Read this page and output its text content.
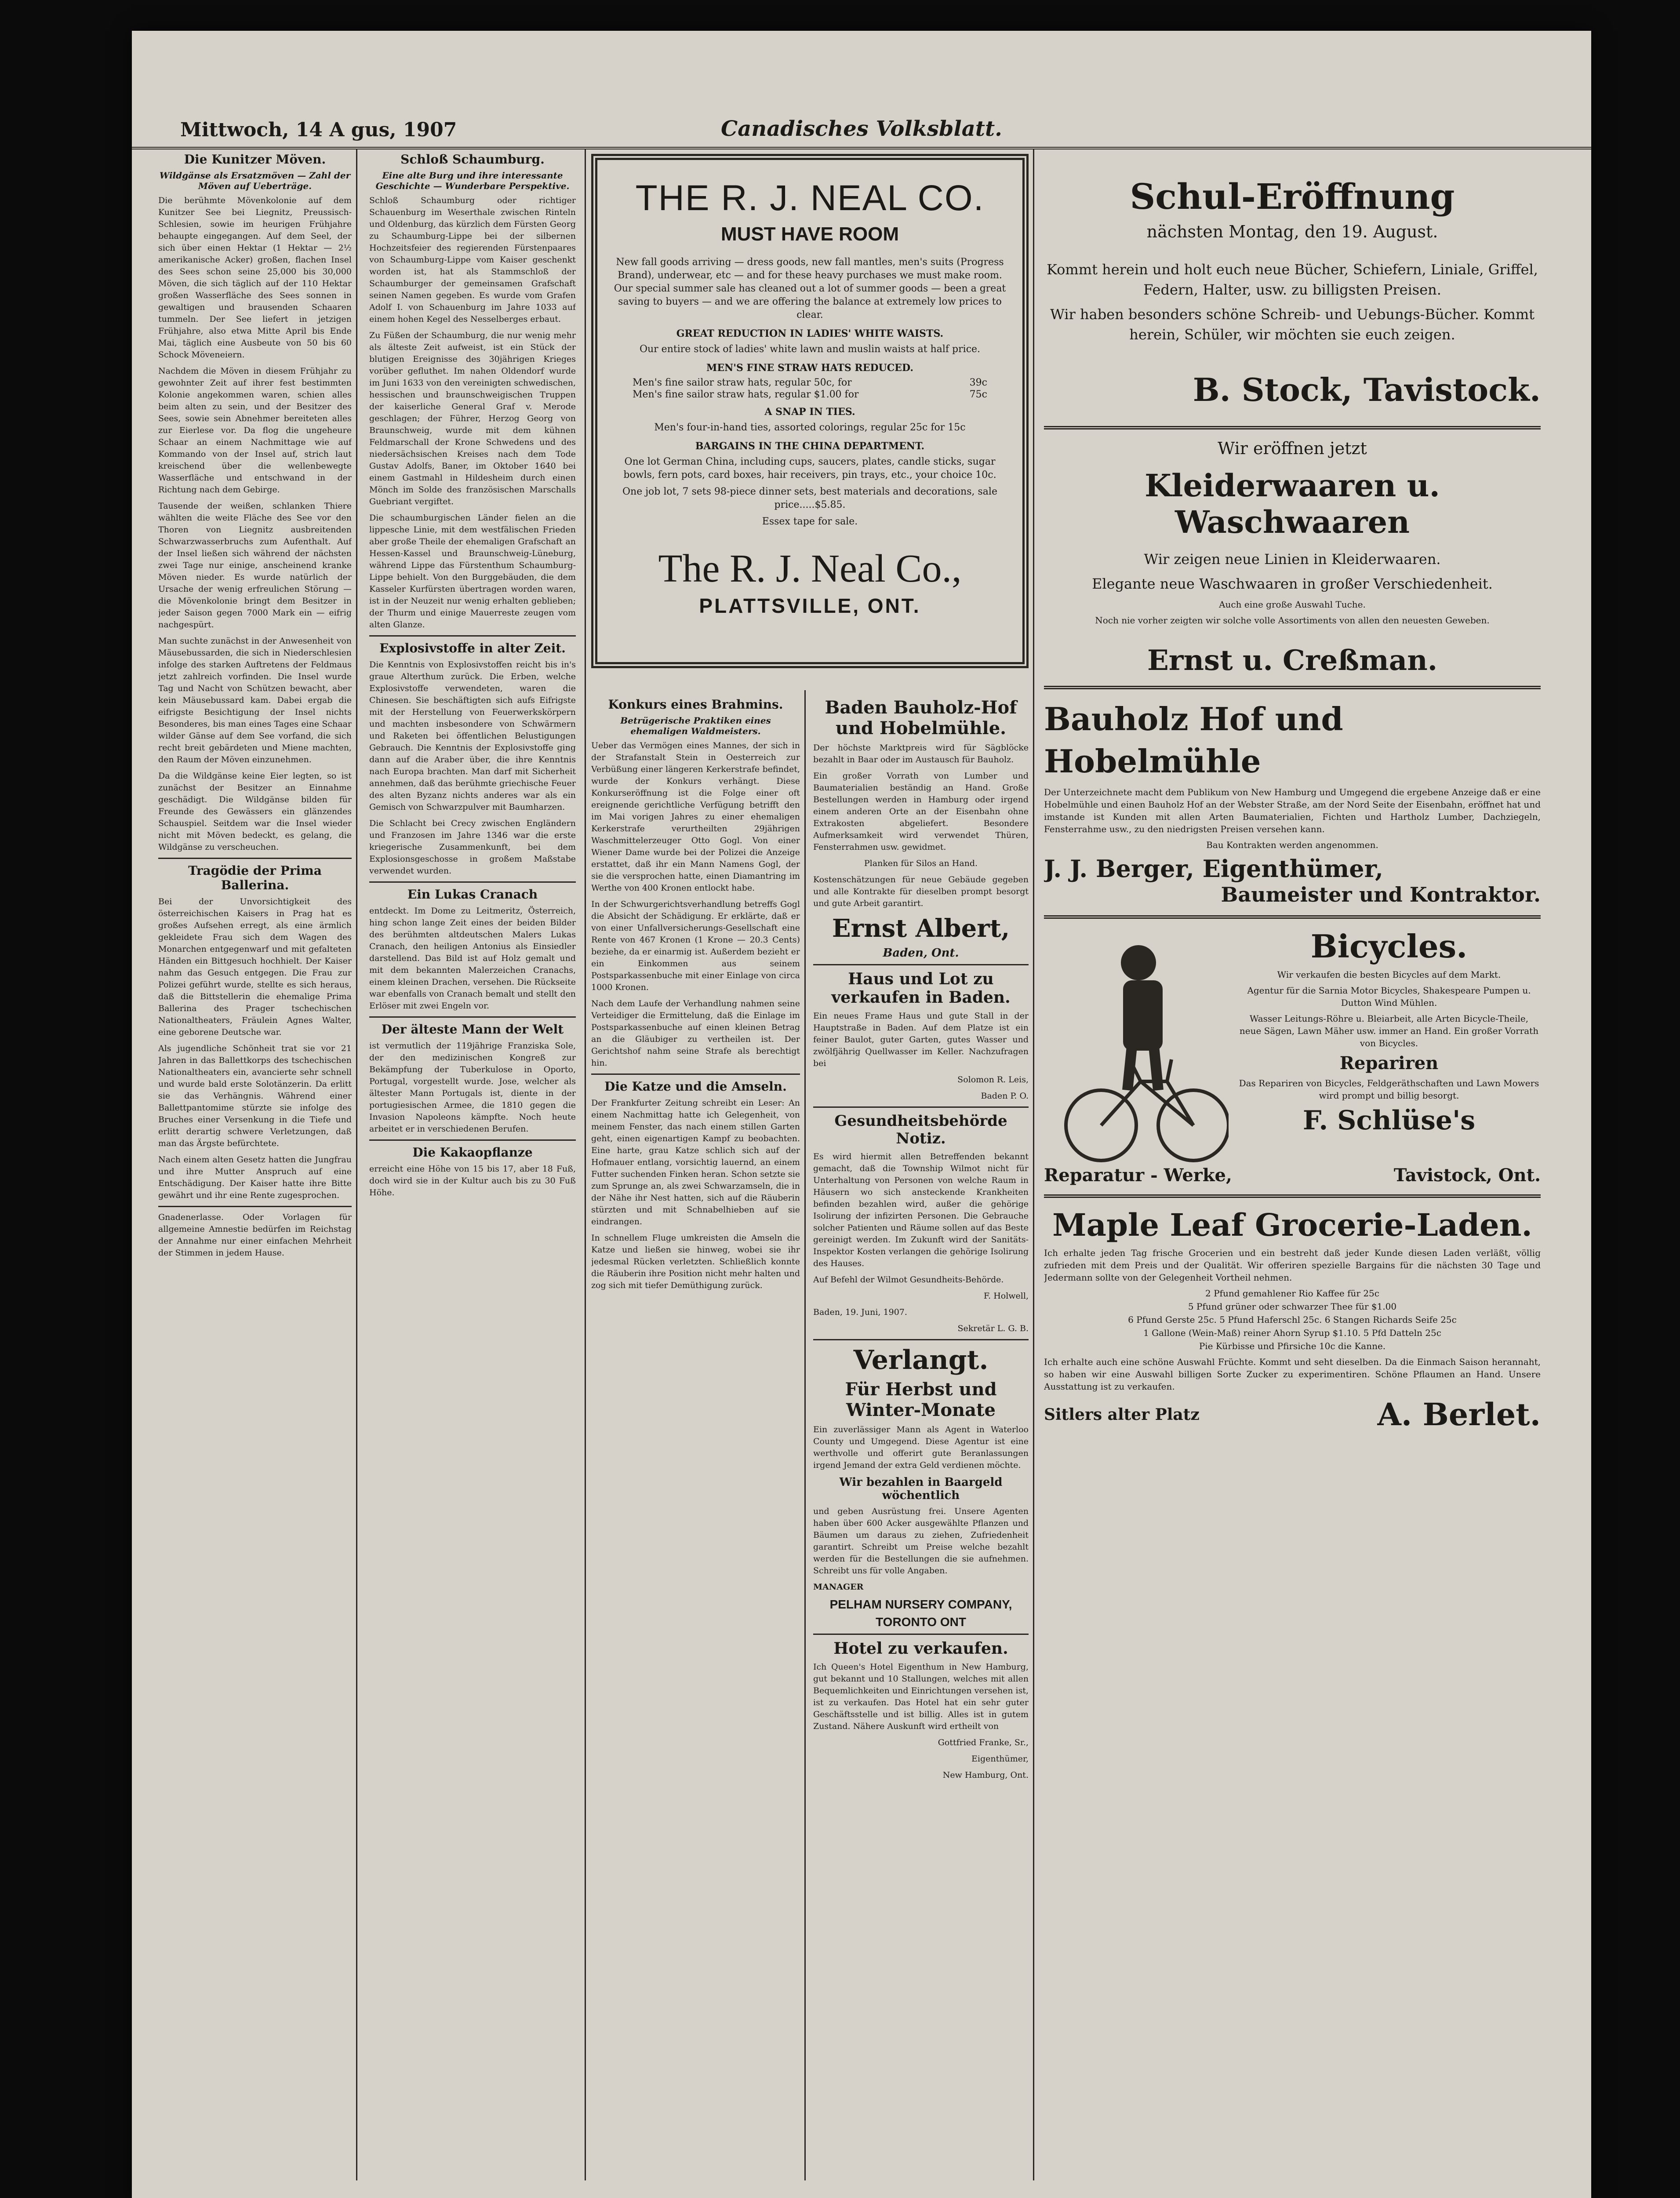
Mittwoch, 14 A gus, 1907	Canadisches Volksblatt.
Die Kunitzer Möven.
Wildgänse als Ersatzmöven — Zahl der Möven auf Ueberträge.

Die berühmte Mövenkolonie auf dem Kunitzer See bei Liegnitz, Preussisch-Schlesien, sowie im heurigen Frühjahre behaupte eingegangen. Auf dem Seel, der sich über einen Hektar (1 Hektar — 2½ amerikanische Acker) großen, flachen Insel des Sees schon seine 25,000 bis 30,000 Möven, die sich täglich auf der 110 Hektar großen Wasserfläche des Sees sonnen in gewaltigen und brausenden Schaaren tummeln. Der See liefert in jetzigen Frühjahre, also etwa Mitte April bis Ende Mai, täglich eine Ausbeute von 50 bis 60 Schock Möveneiern.

Nachdem die Möven in diesem Frühjahr zu gewohnter Zeit auf ihrer fest bestimmten Kolonie angekommen waren, schien alles beim alten zu sein, und der Besitzer des Sees, sowie sein Abnehmer bereiteten alles zur Eierlese vor. Da flog die ungeheure Schaar an einem Nachmittage wie auf Kommando von der Insel auf, strich laut kreischend über die wellenbewegte Wasserfläche und entschwand in der Richtung nach dem Gebirge.

Tausende der weißen, schlanken Thiere wählten die weite Fläche des See vor den Thoren von Liegnitz ausbreitenden Schwarzwasserbruchs zum Aufenthalt. Auf der Insel ließen sich während der nächsten zwei Tage nur einige, anscheinend kranke Möven nieder. Es wurde natürlich der Ursache der wenig erfreulichen Störung — die Mövenkolonie bringt dem Besitzer in jeder Saison gegen 7000 Mark ein — eifrig nachgespürt.

Man suchte zunächst in der Anwesenheit von Mäusebussarden, die sich in Niederschlesien infolge des starken Auftretens der Feldmaus jetzt zahlreich vorfinden. Die Insel wurde Tag und Nacht von Schützen bewacht, aber kein Mäusebussard kam. Dabei ergab die eifrigste Besichtigung der Insel nichts Besonderes, bis man eines Tages eine Schaar wilder Gänse auf dem See vorfand, die sich recht breit gebärdeten und Miene machten, den Raum der Möven einzunehmen.

Da die Wildgänse keine Eier legten, so ist zunächst der Besitzer an Einnahme geschädigt. Die Wildgänse bilden für Freunde des Gewässers ein glänzendes Schauspiel. Seitdem war die Insel wieder nicht mit Möven bedeckt, es gelang, die Wildgänse zu verscheuchen.

Tragödie der Prima Ballerina.

Bei der Unvorsichtigkeit des österreichischen Kaisers in Prag hat es großes Aufsehen erregt, als eine ärmlich gekleidete Frau sich dem Wagen des Monarchen entgegenwarf und mit gefalteten Händen ein Bittgesuch hochhielt. Der Kaiser nahm das Gesuch entgegen. Die Frau zur Polizei geführt wurde, stellte es sich heraus, daß die Bittstellerin die ehemalige Prima Ballerina des Prager tschechischen Nationaltheaters, Fräulein Agnes Walter, eine geborene Deutsche war.

Als jugendliche Schönheit trat sie vor 21 Jahren in das Ballettkorps des tschechischen Nationaltheaters ein, avancierte sehr schnell und wurde bald erste Solotänzerin. Da erlitt sie das Verhängnis. Während einer Ballettpantomime stürzte sie infolge des Bruches einer Versenkung in die Tiefe und erlitt derartig schwere Verletzungen, daß man das Ärgste befürchtete.

Nach einem alten Gesetz hatten die Jungfrau und ihre Mutter Anspruch auf eine Entschädigung. Der Kaiser hatte ihre Bitte gewährt und ihr eine Rente zugesprochen.

Gnadenerlasse. Oder Vorlagen für allgemeine Amnestie bedürfen im Reichstag der Annahme nur einer einfachen Mehrheit der Stimmen in jedem Hause.

Schloß Schaumburg.
Eine alte Burg und ihre interessante Geschichte — Wunderbare Perspektive.

Schloß Schaumburg oder richtiger Schauenburg im Weserthale zwischen Rinteln und Oldenburg, das kürzlich dem Fürsten Georg zu Schaumburg-Lippe bei der silbernen Hochzeitsfeier des regierenden Fürstenpaares von Schaumburg-Lippe vom Kaiser geschenkt worden ist, hat als Stammschloß der Schaumburger der gemeinsamen Grafschaft seinen Namen gegeben. Es wurde vom Grafen Adolf I. von Schauenburg im Jahre 1033 auf einem hohen Kegel des Nesselberges erbaut.

Zu Füßen der Schaumburg, die nur wenig mehr als älteste Zeit aufweist, ist ein Stück der blutigen Ereignisse des 30jährigen Krieges vorüber gefluthet. Im nahen Oldendorf wurde im Juni 1633 von den vereinigten schwedischen, hessischen und braunschweigischen Truppen der kaiserliche General Graf v. Merode geschlagen; der Führer, Herzog Georg von Braunschweig, wurde mit dem kühnen Feldmarschall der Krone Schwedens und des niedersächsischen Kreises nach dem Tode Gustav Adolfs, Baner, im Oktober 1640 bei einem Gastmahl in Hildesheim durch einen Mönch im Solde des französischen Marschalls Guebriant vergiftet.

Die schaumburgischen Länder fielen an die lippesche Linie, mit dem westfälischen Frieden aber große Theile der ehemaligen Grafschaft an Hessen-Kassel und Braunschweig-Lüneburg, während Lippe das Fürstenthum Schaumburg-Lippe behielt. Von den Burggebäuden, die dem Kasseler Kurfürsten übertragen worden waren, ist in der Neuzeit nur wenig erhalten geblieben; der Thurm und einige Mauerreste zeugen vom alten Glanze.

Explosivstoffe in alter Zeit.

Die Kenntnis von Explosivstoffen reicht bis in's graue Alterthum zurück. Die Erben, welche Explosivstoffe verwendeten, waren die Chinesen. Sie beschäftigten sich aufs Eifrigste mit der Herstellung von Feuerwerkskörpern und machten insbesondere von Schwärmern und Raketen bei öffentlichen Belustigungen Gebrauch. Die Kenntnis der Explosivstoffe ging dann auf die Araber über, die ihre Kenntnis nach Europa brachten. Man darf mit Sicherheit annehmen, daß das berühmte griechische Feuer des alten Byzanz nichts anderes war als ein Gemisch von Schwarzpulver mit Baumharzen.

Die Schlacht bei Crecy zwischen Engländern und Franzosen im Jahre 1346 war die erste kriegerische Zusammenkunft, bei dem Explosionsgeschosse in großem Maßstabe verwendet wurden.

Ein Lukas Cranach

entdeckt. Im Dome zu Leitmeritz, Österreich, hing schon lange Zeit eines der beiden Bilder des berühmten altdeutschen Malers Lukas Cranach, den heiligen Antonius als Einsiedler darstellend. Das Bild ist auf Holz gemalt und mit dem bekannten Malerzeichen Cranachs, einem kleinen Drachen, versehen. Die Rückseite war ebenfalls von Cranach bemalt und stellt den Erlöser mit zwei Engeln vor.

Der älteste Mann der Welt

ist vermutlich der 119jährige Franziska Sole, der den medizinischen Kongreß zur Bekämpfung der Tuberkulose in Oporto, Portugal, vorgestellt wurde. Jose, welcher als ältester Mann Portugals ist, diente in der portugiesischen Armee, die 1810 gegen die Invasion Napoleons kämpfte. Noch heute arbeitet er in verschiedenen Berufen.

Die Kakaopflanze

erreicht eine Höhe von 15 bis 17, aber 18 Fuß, doch wird sie in der Kultur auch bis zu 30 Fuß Höhe.

THE R. J. NEAL CO.
MUST HAVE ROOM

New fall goods arriving — dress goods, new fall mantles, men's suits (Progress Brand), underwear, etc — and for these heavy purchases we must make room. Our special summer sale has cleaned out a lot of summer goods — been a great saving to buyers — and we are offering the balance at extremely low prices to clear.

GREAT REDUCTION IN LADIES' WHITE WAISTS.

Our entire stock of ladies' white lawn and muslin waists at half price.

MEN'S FINE STRAW HATS REDUCED.
Men's fine sailor straw hats, regular 50c, for	39c
Men's fine sailor straw hats, regular $1.00 for	75c
A SNAP IN TIES.

Men's four-in-hand ties, assorted colorings, regular 25c for 15c

BARGAINS IN THE CHINA DEPARTMENT.

One lot German China, including cups, saucers, plates, candle sticks, sugar bowls, fern pots, card boxes, hair receivers, pin trays, etc., your choice 10c.

One job lot, 7 sets 98-piece dinner sets, best materials and decorations, sale price.....$5.85.

Essex tape for sale.

The R. J. Neal Co.,
PLATTSVILLE, ONT.
Konkurs eines Brahmins.
Betrügerische Praktiken eines ehemaligen Waldmeisters.

Ueber das Vermögen eines Mannes, der sich in der Strafanstalt Stein in Oesterreich zur Verbüßung einer längeren Kerkerstrafe befindet, wurde der Konkurs verhängt. Diese Konkurseröffnung ist die Folge einer oft ereignende gerichtliche Verfügung betrifft den im Mai vorigen Jahres zu einer ehemaligen Kerkerstrafe verurtheilten 29jährigen Waschmittelerzeuger Otto Gogl. Von einer Wiener Dame wurde bei der Polizei die Anzeige erstattet, daß ihr ein Mann Namens Gogl, der sie die versprochen hatte, einen Diamantring im Werthe von 400 Kronen entlockt habe.

In der Schwurgerichtsverhandlung betreffs Gogl die Absicht der Schädigung. Er erklärte, daß er von einer Unfallversicherungs-Gesellschaft eine Rente von 467 Kronen (1 Krone — 20.3 Cents) beziehe, da er einarmig ist. Außerdem bezieht er ein Einkommen aus seinem Postsparkassenbuche mit einer Einlage von circa 1000 Kronen.

Nach dem Laufe der Verhandlung nahmen seine Verteidiger die Ermittelung, daß die Einlage im Postsparkassenbuche auf einen kleinen Betrag an die Gläubiger zu vertheilen ist. Der Gerichtshof nahm seine Strafe als berechtigt hin.

Die Katze und die Amseln.

Der Frankfurter Zeitung schreibt ein Leser: An einem Nachmittag hatte ich Gelegenheit, von meinem Fenster, das nach einem stillen Garten geht, einen eigenartigen Kampf zu beobachten. Eine harte, grau Katze schlich sich auf der Hofmauer entlang, vorsichtig lauernd, an einem Futter suchenden Finken heran. Schon setzte sie zum Sprunge an, als zwei Schwarzamseln, die in der Nähe ihr Nest hatten, sich auf die Räuberin stürzten und mit Schnabelhieben auf sie eindrangen.

In schnellem Fluge umkreisten die Amseln die Katze und ließen sie hinweg, wobei sie ihr jedesmal Rücken verletzten. Schließlich konnte die Räuberin ihre Position nicht mehr halten und zog sich mit tiefer Demüthigung zurück.

Baden Bauholz-Hof und Hobelmühle.

Der höchste Marktpreis wird für Sägblöcke bezahlt in Baar oder im Austausch für Bauholz.

Ein großer Vorrath von Lumber und Baumaterialien beständig an Hand. Große Bestellungen werden in Hamburg oder irgend einem anderen Orte an der Eisenbahn ohne Extrakosten abgeliefert. Besondere Aufmerksamkeit wird verwendet Thüren, Fensterrahmen usw. gewidmet.

Planken für Silos an Hand.

Kostenschätzungen für neue Gebäude gegeben und alle Kontrakte für dieselben prompt besorgt und gute Arbeit garantirt.

Ernst Albert,
Baden, Ont.
Haus und Lot zu verkaufen in Baden.

Ein neues Frame Haus und gute Stall in der Hauptstraße in Baden. Auf dem Platze ist ein feiner Baulot, guter Garten, gutes Wasser und zwölfjährig Quellwasser im Keller. Nachzufragen bei

Solomon R. Leis,

Baden P. O.

Gesundheitsbehörde Notiz.

Es wird hiermit allen Betreffenden bekannt gemacht, daß die Township Wilmot nicht für Unterhaltung von Personen von welche Raum in Häusern wo sich ansteckende Krankheiten befinden bezahlen wird, außer die gehörige Isolirung der infizirten Personen. Die Gebrauche solcher Patienten und Räume sollen auf das Beste gereinigt werden. Im Zukunft wird der Sanitäts-Inspektor Kosten verlangen die gehörige Isolirung des Hauses.

Auf Befehl der Wilmot Gesundheits-Behörde.

F. Holwell,

Baden, 19. Juni, 1907.

Sekretär L. G. B.

Verlangt.
Für Herbst und Winter-Monate

Ein zuverlässiger Mann als Agent in Waterloo County und Umgegend. Diese Agentur ist eine werthvolle und offerirt gute Beranlassungen irgend Jemand der extra Geld verdienen möchte.

Wir bezahlen in Baargeld wöchentlich

und geben Ausrüstung frei. Unsere Agenten haben über 600 Acker ausgewählte Pflanzen und Bäumen um daraus zu ziehen, Zufriedenheit garantirt. Schreibt um Preise welche bezahlt werden für die Bestellungen die sie aufnehmen. Schreibt uns für volle Angaben.

MANAGER

PELHAM NURSERY COMPANY,
TORONTO ONT
Hotel zu verkaufen.

Ich Queen's Hotel Eigenthum in New Hamburg, gut bekannt und 10 Stallungen, welches mit allen Bequemlichkeiten und Einrichtungen versehen ist, ist zu verkaufen. Das Hotel hat ein sehr guter Geschäftsstelle und ist billig. Alles ist in gutem Zustand. Nähere Auskunft wird ertheilt von

Gottfried Franke, Sr.,

Eigenthümer,

New Hamburg, Ont.

Schul-Eröffnung
nächsten Montag, den 19. August.

Kommt herein und holt euch neue Bücher, Schiefern, Liniale, Griffel, Federn, Halter, usw. zu billigsten Preisen.

Wir haben besonders schöne Schreib- und Uebungs-Bücher. Kommt herein, Schüler, wir möchten sie euch zeigen.

B. Stock, Tavistock.
Wir eröffnen jetzt
Kleiderwaaren u. Waschwaaren

Wir zeigen neue Linien in Kleiderwaaren.

Elegante neue Waschwaaren in großer Verschiedenheit.

Auch eine große Auswahl Tuche.

Noch nie vorher zeigten wir solche volle Assortiments von allen den neuesten Geweben.

Ernst u. Creßman.
Bauholz Hof und Hobelmühle

Der Unterzeichnete macht dem Publikum von New Hamburg und Umgegend die ergebene Anzeige daß er eine Hobelmühle und einen Bauholz Hof an der Webster Straße, am der Nord Seite der Eisenbahn, eröffnet hat und imstande ist Kunden mit allen Arten Baumaterialien, Fichten und Hartholz Lumber, Dachziegeln, Fensterrahme usw., zu den niedrigsten Preisen versehen kann.

Bau Kontrakten werden angenommen.

J. J. Berger, Eigenthümer,
Baumeister und Kontraktor.
Bicycles.

Wir verkaufen die besten Bicycles auf dem Markt.

Agentur für die Sarnia Motor Bicycles, Shakespeare Pumpen u. Dutton Wind Mühlen.

Wasser Leitungs-Röhre u. Bleiarbeit, alle Arten Bicycle-Theile, neue Sägen, Lawn Mäher usw. immer an Hand. Ein großer Vorrath von Bicycles.

Repariren

Das Repariren von Bicycles, Feldgeräthschaften und Lawn Mowers wird prompt und billig besorgt.

F. Schlüse's
Reparatur - Werke,	Tavistock, Ont.
Maple Leaf Grocerie-Laden.

Ich erhalte jeden Tag frische Grocerien und ein bestreht daß jeder Kunde diesen Laden verläßt, völlig zufrieden mit dem Preis und der Qualität. Wir offeriren spezielle Bargains für die nächsten 30 Tage und Jedermann sollte von der Gelegenheit Vortheil nehmen.

2 Pfund gemahlener Rio Kaffee für 25c

5 Pfund grüner oder schwarzer Thee für $1.00

6 Pfund Gerste 25c. 5 Pfund Haferschl 25c. 6 Stangen Richards Seife 25c

1 Gallone (Wein-Maß) reiner Ahorn Syrup $1.10. 5 Pfd Datteln 25c

Pie Kürbisse und Pfirsiche 10c die Kanne.

Ich erhalte auch eine schöne Auswahl Früchte. Kommt und seht dieselben. Da die Einmach Saison herannaht, so haben wir eine Auswahl billigen Sorte Zucker zu experimentiren. Schöne Pflaumen an Hand. Unsere Ausstattung ist zu verkaufen.

Sitlers alter Platz	A. Berlet.
